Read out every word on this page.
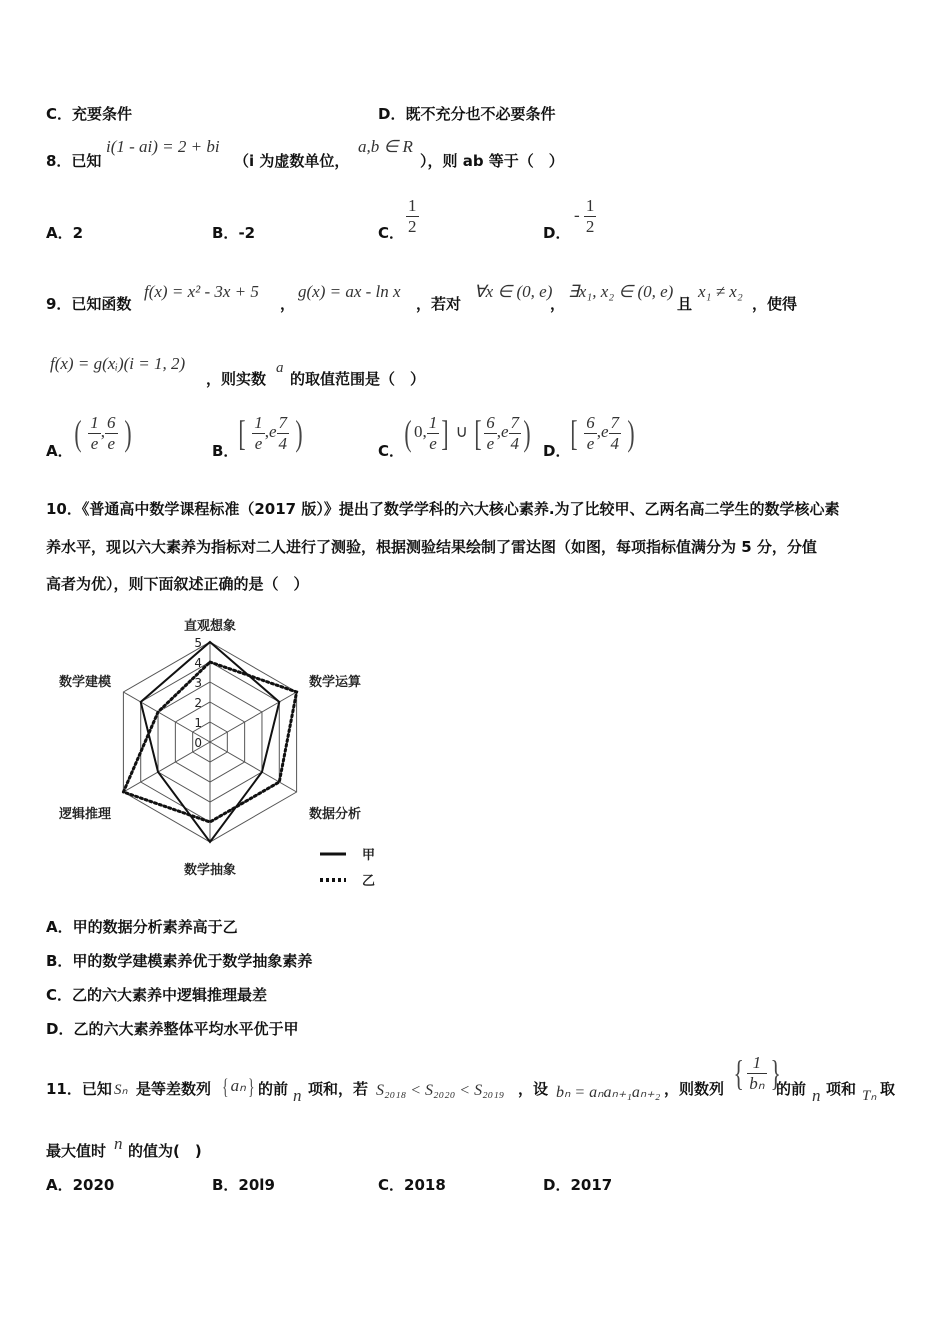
C．充要条件	D．既不充分也不必要条件
8．已知
i(1 - ai) = 2 + bi
（i 为虚数单位，
a,b ∈ R
），则 ab 等于（　）
A．2	B．-2	C． $\frac{1}{2}$	D．
- $\frac{1}{2}$
9．已知函数
f(x) = x² - 3x + 5
，
g(x) = ax - ln x
，若对
∀x ∈ (0, e)
，
∃x₁, x₂ ∈ (0, e)
且
x₁ ≠ x₂
，使得
f(x) = g(xᵢ)(i = 1, 2)
，则实数
a
的取值范围是（　）
A． ( $\frac{1}{e}$ , $\frac{6}{e}$ )	B． [ $\frac{1}{e} ,e \frac{7}{4}$ )	C． ( 0, $\frac{1}{e}$ ] ∪ [ $\frac{6}{e} ,e \frac{7}{4}$ ) D． [ $\frac{6}{e} ,e \frac{7}{4}$ )
10．《普通高中数学课程标准（2017 版）》提出了数学学科的六大核心素养.为了比较甲、乙两名高二学生的数学核心素
养水平，现以六大素养为指标对二人进行了测验，根据测验结果绘制了雷达图（如图，每项指标值满分为 5 分，分值
高者为优），则下面叙述正确的是（　）
直观想象
数学运算
数据分析
数学抽象
逻辑推理
数学建模
0
1
2
3
4
5
甲
乙
A．甲的数据分析素养高于乙
B．甲的数学建模素养优于数学抽象素养
C．乙的六大素养中逻辑推理最差
D．乙的六大素养整体平均水平优于甲
11．已知 Sₙ 是等差数列 { aₙ} 的前 n 项和，若 S₂₀₁₈ < S₂₀₂₀ < S₂₀₁₉ ，设 bₙ = aₙaₙ₊₁aₙ₊₂ ，则数列 { $\frac{1}{\text{bₙ}}$ }
的前 n 项和 Tₙ 取
最大值时 n 的值为(　)
A．2020	B．20l9	C．2018	D．2017
